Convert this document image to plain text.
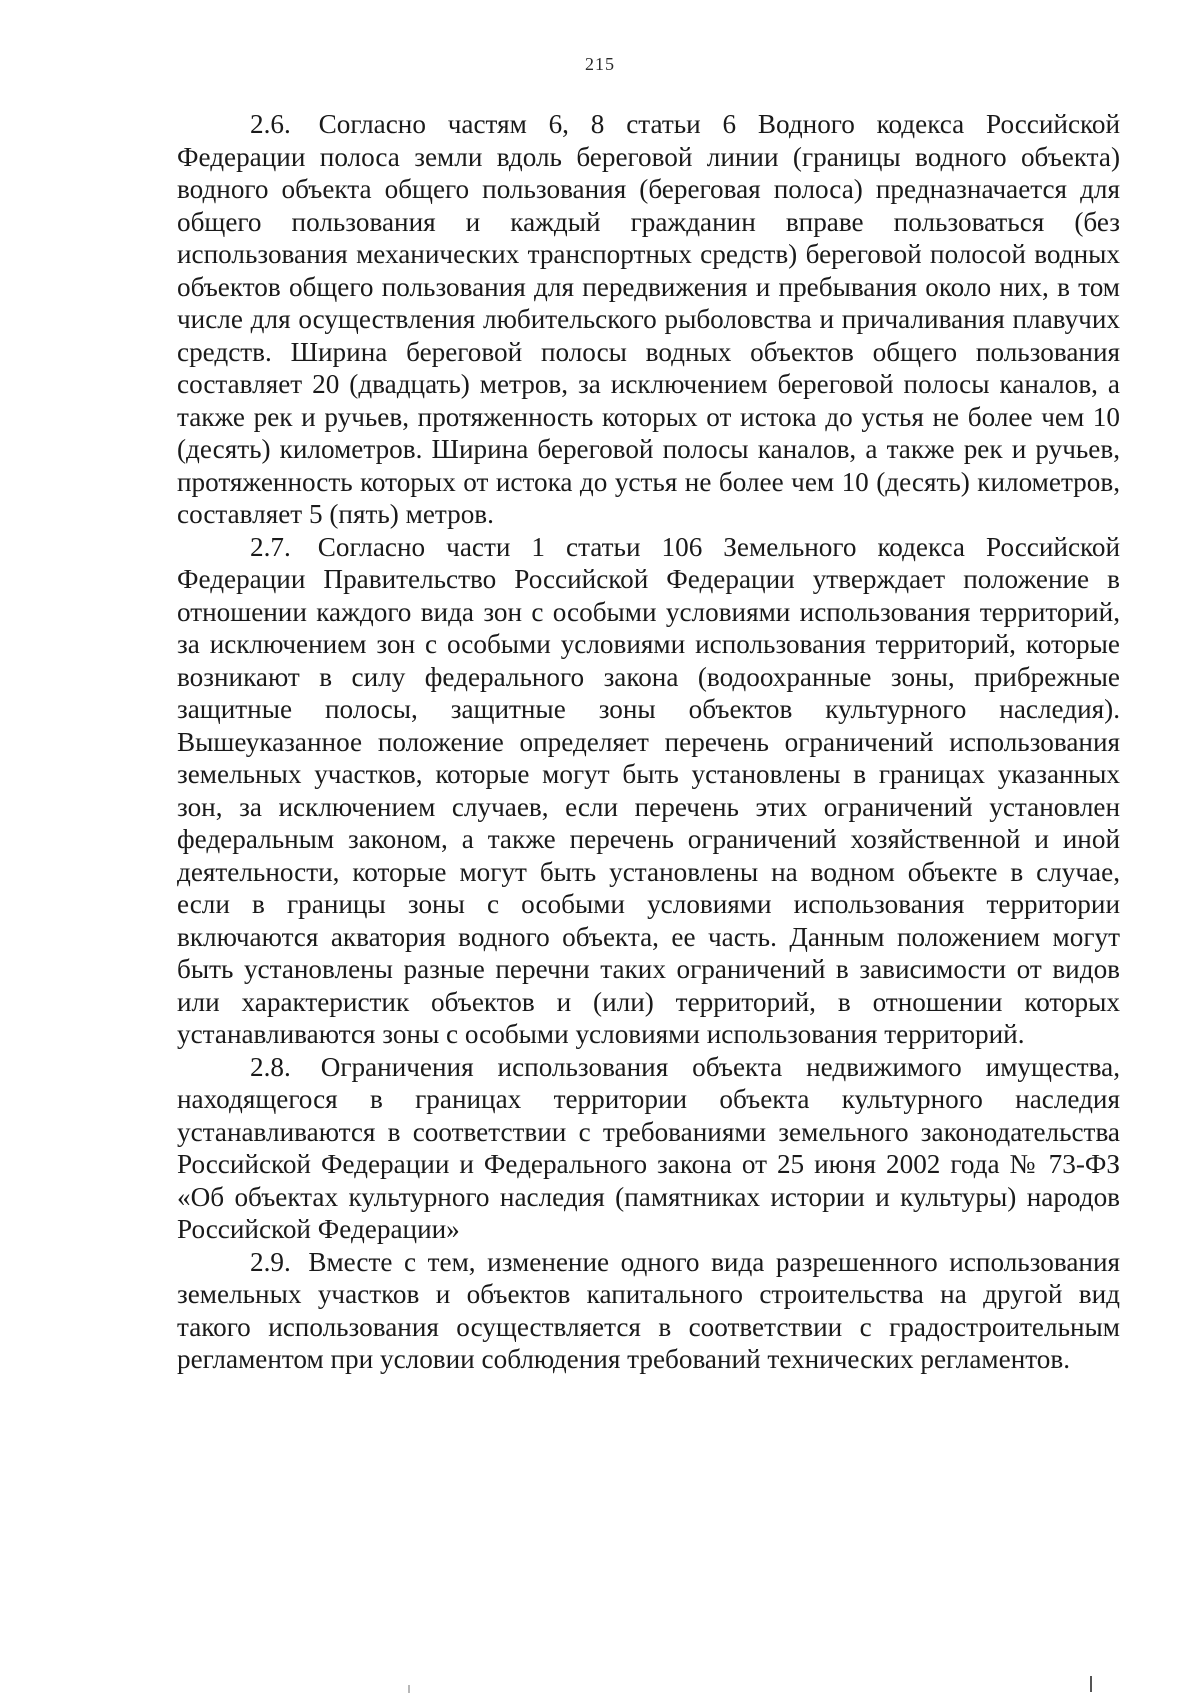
215

2.6. Согласно частям 6, 8 статьи 6 Водного кодекса Российской Федерации полоса земли вдоль береговой линии (границы водного объекта) водного объекта общего пользования (береговая полоса) предназначается для общего пользования и каждый гражданин вправе пользоваться (без использования механических транспортных средств) береговой полосой водных объектов общего пользования для передвижения и пребывания около них, в том числе для осуществления любительского рыболовства и причаливания плавучих средств. Ширина береговой полосы водных объектов общего пользования составляет 20 (двадцать) метров, за исключением береговой полосы каналов, а также рек и ручьев, протяженность которых от истока до устья не более чем 10 (десять) километров. Ширина береговой полосы каналов, а также рек и ручьев, протяженность которых от истока до устья не более чем 10 (десять) километров, составляет 5 (пять) метров.

2.7. Согласно части 1 статьи 106 Земельного кодекса Российской Федерации Правительство Российской Федерации утверждает положение в отношении каждого вида зон с особыми условиями использования территорий, за исключением зон с особыми условиями использования территорий, которые возникают в силу федерального закона (водоохранные зоны, прибрежные защитные полосы, защитные зоны объектов культурного наследия). Вышеуказанное положение определяет перечень ограничений использования земельных участков, которые могут быть установлены в границах указанных зон, за исключением случаев, если перечень этих ограничений установлен федеральным законом, а также перечень ограничений хозяйственной и иной деятельности, которые могут быть установлены на водном объекте в случае, если в границы зоны с особыми условиями использования территории включаются акватория водного объекта, ее часть. Данным положением могут быть установлены разные перечни таких ограничений в зависимости от видов или характеристик объектов и (или) территорий, в отношении которых устанавливаются зоны с особыми условиями использования территорий.

2.8. Ограничения использования объекта недвижимого имущества, находящегося в границах территории объекта культурного наследия устанавливаются в соответствии с требованиями земельного законодательства Российской Федерации и Федерального закона от 25 июня 2002 года № 73-ФЗ «Об объектах культурного наследия (памятниках истории и культуры) народов Российской Федерации»

2.9. Вместе с тем, изменение одного вида разрешенного использования земельных участков и объектов капитального строительства на другой вид такого использования осуществляется в соответствии с градостроительным регламентом при условии соблюдения требований технических регламентов.
